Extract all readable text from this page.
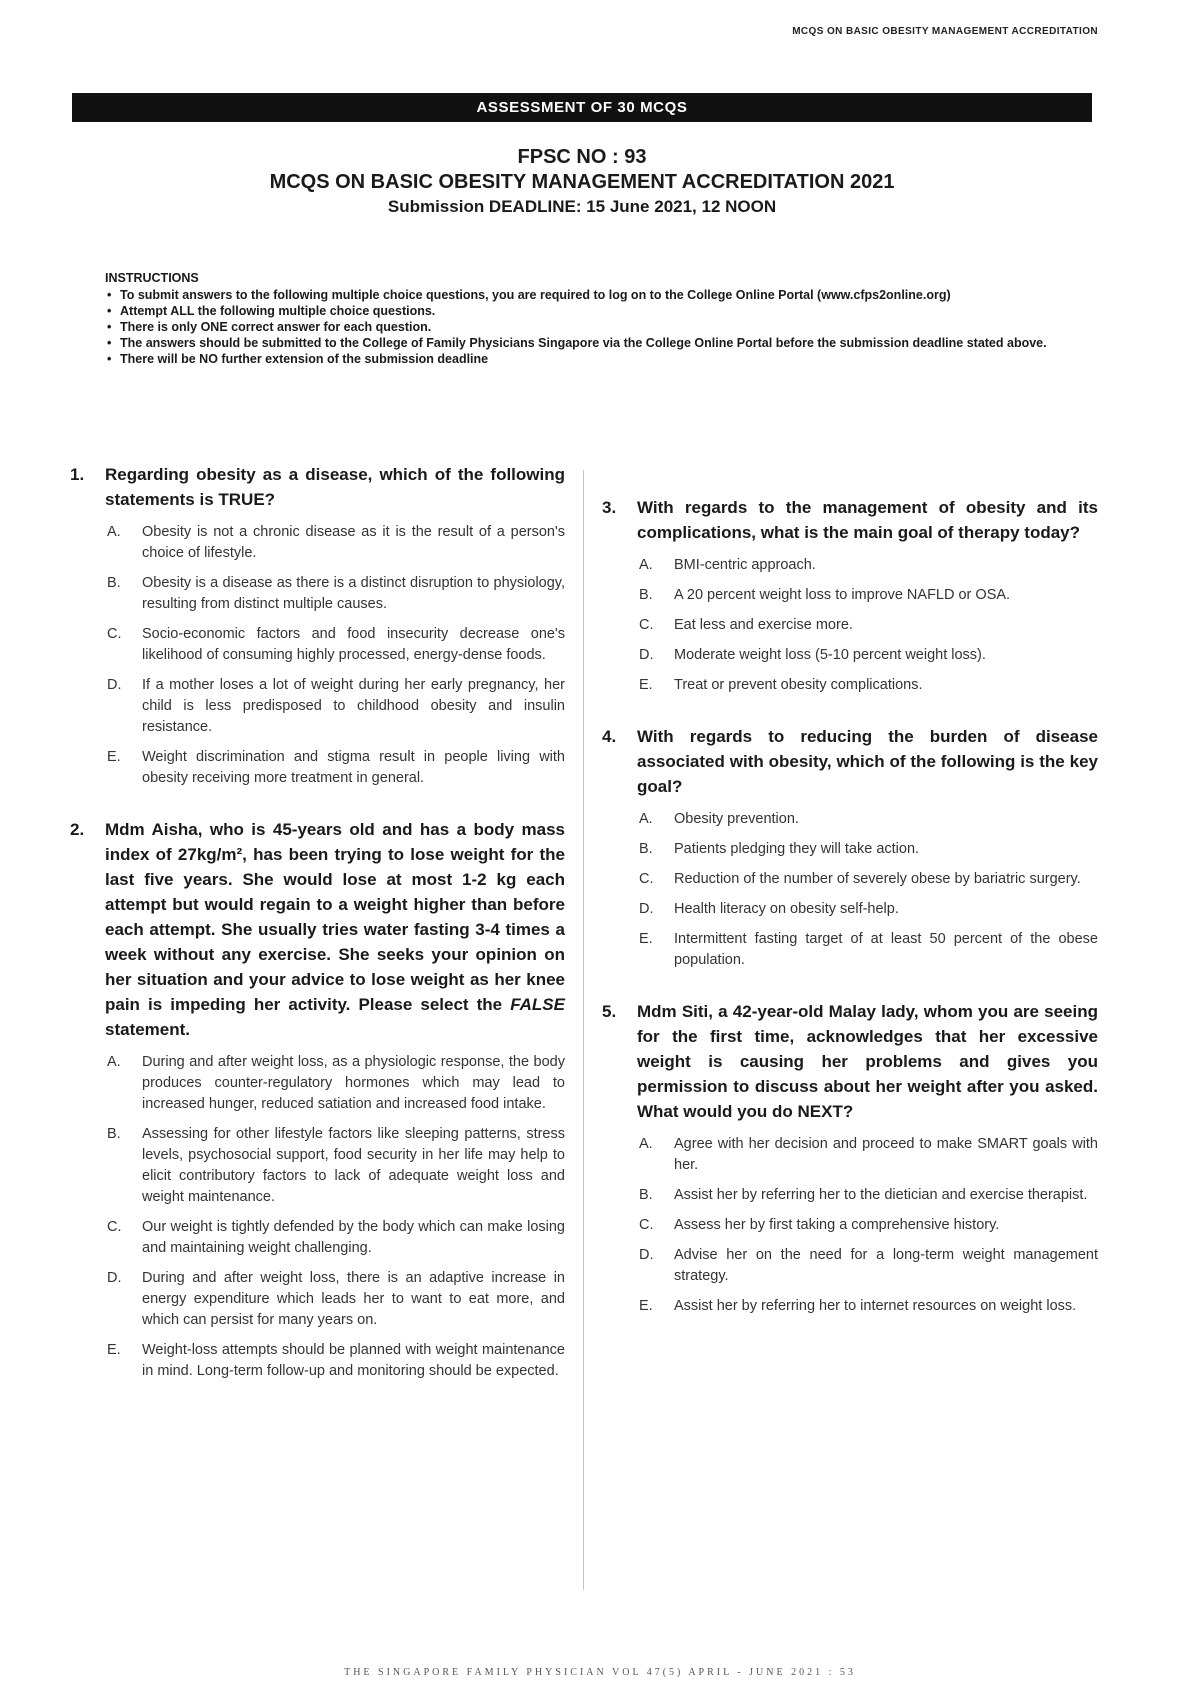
MCQS ON BASIC OBESITY MANAGEMENT ACCREDITATION
ASSESSMENT OF 30 MCQS
FPSC NO : 93
MCQS ON BASIC OBESITY MANAGEMENT ACCREDITATION 2021
Submission DEADLINE: 15 June 2021, 12 NOON
INSTRUCTIONS
• To submit answers to the following multiple choice questions, you are required to log on to the College Online Portal (www.cfps2online.org)
• Attempt ALL the following multiple choice questions.
• There is only ONE correct answer for each question.
• The answers should be submitted to the College of Family Physicians Singapore via the College Online Portal before the submission deadline stated above.
• There will be NO further extension of the submission deadline
1.	Regarding obesity as a disease, which of the following statements is TRUE?
A.	Obesity is not a chronic disease as it is the result of a person's choice of lifestyle.
B.	Obesity is a disease as there is a distinct disruption to physiology, resulting from distinct multiple causes.
C.	Socio-economic factors and food insecurity decrease one's likelihood of consuming highly processed, energy-dense foods.
D.	If a mother loses a lot of weight during her early pregnancy, her child is less predisposed to childhood obesity and insulin resistance.
E.	Weight discrimination and stigma result in people living with obesity receiving more treatment in general.
2.	Mdm Aisha, who is 45-years old and has a body mass index of 27kg/m², has been trying to lose weight for the last five years. She would lose at most 1-2 kg each attempt but would regain to a weight higher than before each attempt. She usually tries water fasting 3-4 times a week without any exercise. She seeks your opinion on her situation and your advice to lose weight as her knee pain is impeding her activity. Please select the FALSE statement.
A.	During and after weight loss, as a physiologic response, the body produces counter-regulatory hormones which may lead to increased hunger, reduced satiation and increased food intake.
B.	Assessing for other lifestyle factors like sleeping patterns, stress levels, psychosocial support, food security in her life may help to elicit contributory factors to lack of adequate weight loss and weight maintenance.
C.	Our weight is tightly defended by the body which can make losing and maintaining weight challenging.
D.	During and after weight loss, there is an adaptive increase in energy expenditure which leads her to want to eat more, and which can persist for many years on.
E.	Weight-loss attempts should be planned with weight maintenance in mind. Long-term follow-up and monitoring should be expected.
3.	With regards to the management of obesity and its complications, what is the main goal of therapy today?
A.	BMI-centric approach.
B.	A 20 percent weight loss to improve NAFLD or OSA.
C.	Eat less and exercise more.
D.	Moderate weight loss (5-10 percent weight loss).
E.	Treat or prevent obesity complications.
4.	With regards to reducing the burden of disease associated with obesity, which of the following is the key goal?
A.	Obesity prevention.
B.	Patients pledging they will take action.
C.	Reduction of the number of severely obese by bariatric surgery.
D.	Health literacy on obesity self-help.
E.	Intermittent fasting target of at least 50 percent of the obese population.
5.	Mdm Siti, a 42-year-old Malay lady, whom you are seeing for the first time, acknowledges that her excessive weight is causing her problems and gives you permission to discuss about her weight after you asked. What would you do NEXT?
A.	Agree with her decision and proceed to make SMART goals with her.
B.	Assist her by referring her to the dietician and exercise therapist.
C.	Assess her by first taking a comprehensive history.
D.	Advise her on the need for a long-term weight management strategy.
E.	Assist her by referring her to internet resources on weight loss.
THE SINGAPORE FAMILY PHYSICIAN VOL 47(5) APRIL - JUNE 2021 : 53
